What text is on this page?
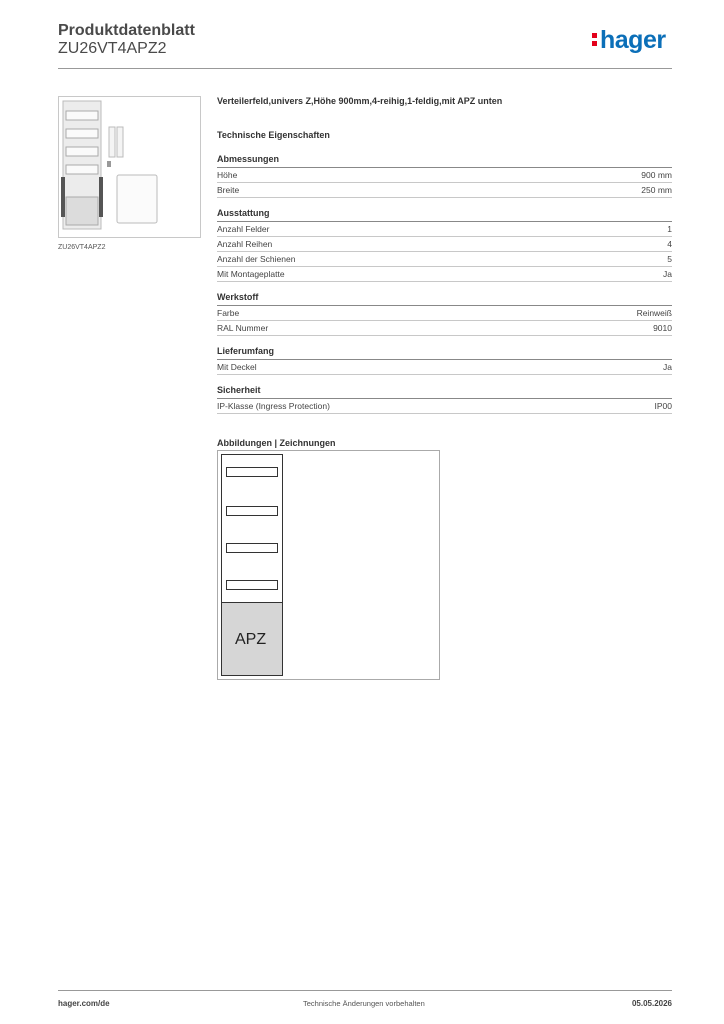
Produktdatenblatt
ZU26VT4APZ2	hager
ZU26VT4APZ2
Verteilerfeld,univers Z,Höhe 900mm,4-reihig,1-feldig,mit APZ unten
Technische Eigenschaften
Abmessungen
Höhe	900 mm
Breite	250 mm
Ausstattung
Anzahl Felder	1
Anzahl Reihen	4
Anzahl der Schienen	5
Mit Montageplatte	Ja
Werkstoff
Farbe	Reinweiß
RAL Nummer	9010
Lieferumfang
Mit Deckel	Ja
Sicherheit
IP-Klasse (Ingress Protection)	IP00
Abbildungen | Zeichnungen
APZ
hager.com/de	Technische Änderungen vorbehalten	05.05.2026
